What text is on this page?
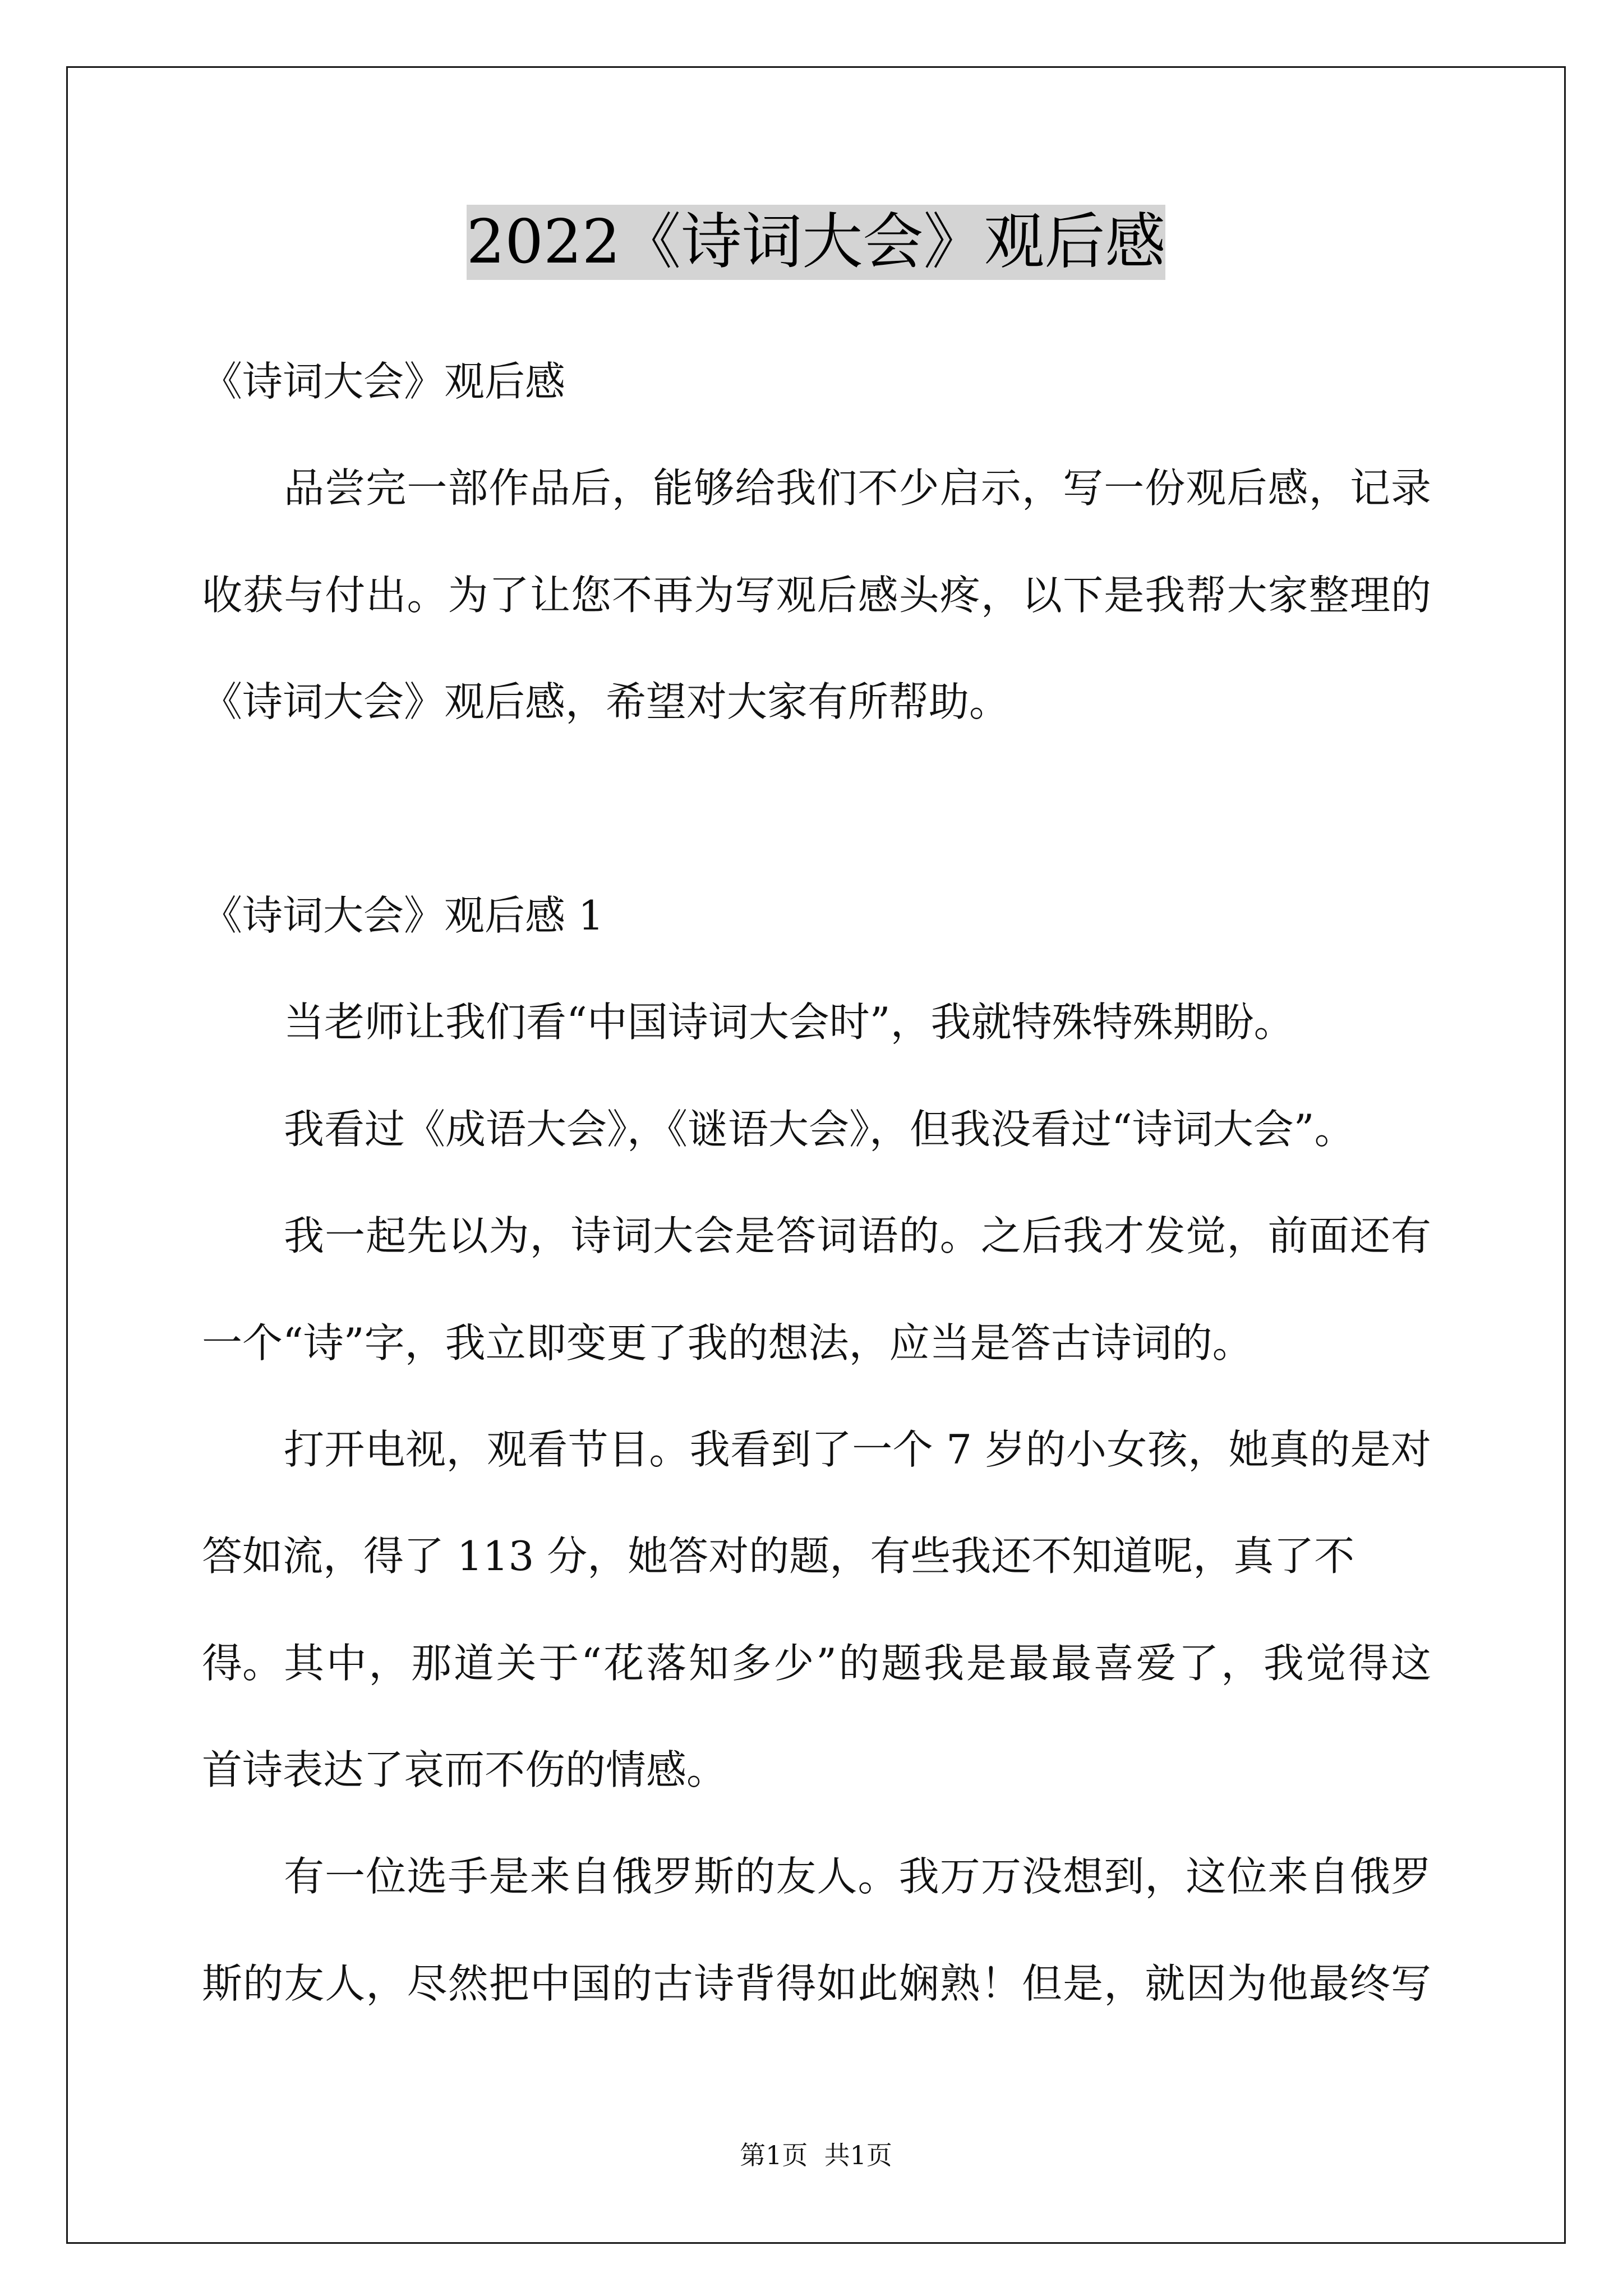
2022《诗词大会》观后感
《诗词大会》观后感
品尝完一部作品后，能够给我们不少启示，写一份观后感，记录
收获与付出。为了让您不再为写观后感头疼，以下是我帮大家整理的
《诗词大会》观后感，希望对大家有所帮助。
《诗词大会》观后感 1
当老师让我们看“中国诗词大会时”，我就特殊特殊期盼。
我看过《成语大会》，《谜语大会》，但我没看过“诗词大会”。
我一起先以为，诗词大会是答词语的。之后我才发觉，前面还有
一个“诗”字，我立即变更了我的想法，应当是答古诗词的。
打开电视，观看节目。我看到了一个 7 岁的小女孩，她真的是对
答如流，得了 113 分，她答对的题，有些我还不知道呢，真了不得。 其中，那道关于“花落知多少”的题我是最最喜爱了，我觉得这
首诗表达了哀而不伤的情感。
有一位选手是来自俄罗斯的友人。我万万没想到，这位来自俄罗
斯的友人，尽然把中国的古诗背得如此娴熟！但是，就因为他最终写
第1页  共1页
